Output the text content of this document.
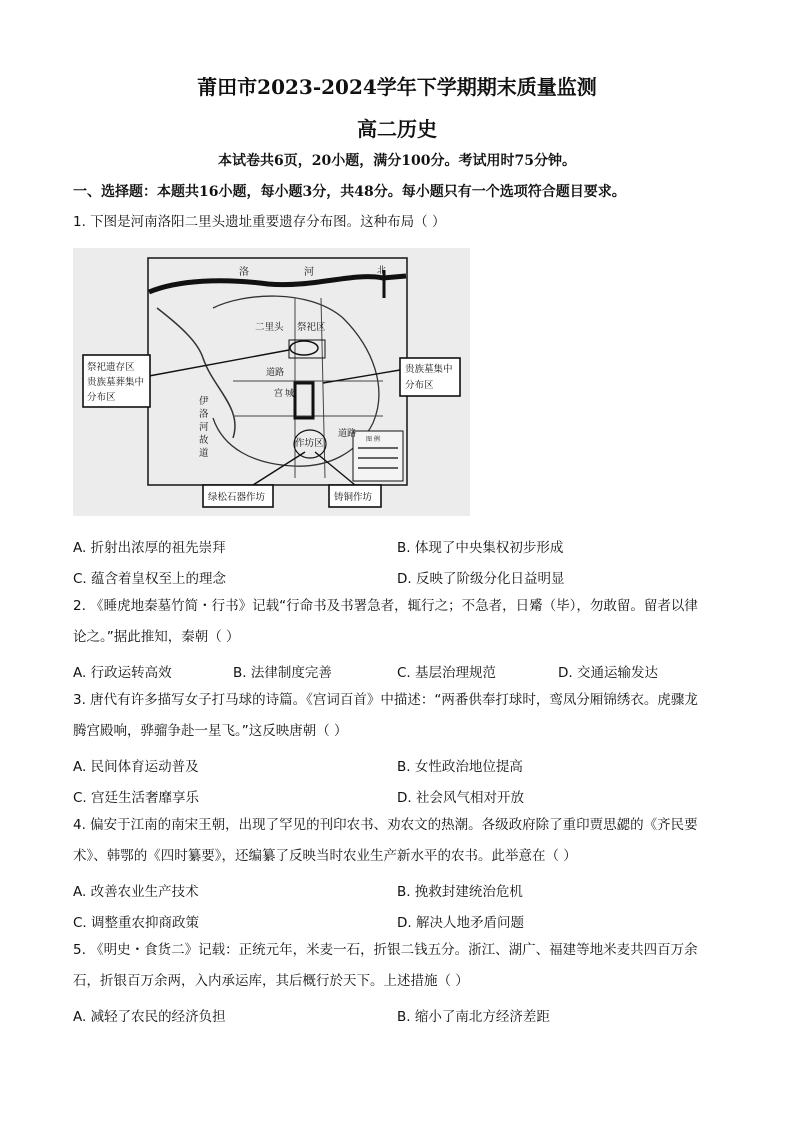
莆田市2023-2024学年下学期期末质量监测
高二历史
本试卷共6页，20小题，满分100分。考试用时75分钟。
一、选择题：本题共16小题，每小题3分，共48分。每小题只有一个选项符合题目要求。
1. 下图是河南洛阳二里头遗址重要遗存分布图。这种布局（ ）
图 例
祭祀遗存区
贵族墓葬集中
分布区
贵族墓集中
分布区
绿松石器作坊	铸铜作坊
洛	河	北
二里头 祭祀区
道路
道路
宫 城
伊
洛
河
故
道
作坊区
A. 折射出浓厚的祖先崇拜	B. 体现了中央集权初步形成
C. 蕴含着皇权至上的理念	D. 反映了阶级分化日益明显
2. 《睡虎地秦墓竹简・行书》记载“行命书及书署急者，辄行之；不急者，日觱（毕），勿敢留。留者以律
论之。”据此推知，秦朝（ ）
A. 行政运转高效	B. 法律制度完善	C. 基层治理规范	D. 交通运输发达
3. 唐代有许多描写女子打马球的诗篇。《宫词百首》中描述：“两番供奉打球时，鸾凤分厢锦绣衣。虎骤龙
腾宫殿响，骅骝争赴一星飞。”这反映唐朝（ ）
A. 民间体育运动普及	B. 女性政治地位提高
C. 宫廷生活奢靡享乐	D. 社会风气相对开放
4. 偏安于江南的南宋王朝，出现了罕见的刊印农书、劝农文的热潮。各级政府除了重印贾思勰的《齐民要
术》、韩鄂的《四时纂要》，还编纂了反映当时农业生产新水平的农书。此举意在（ ）
A. 改善农业生产技术	B. 挽救封建统治危机
C. 调整重农抑商政策	D. 解决人地矛盾问题
5. 《明史・食货二》记载：正统元年，米麦一石，折银二钱五分。浙江、湖广、福建等地米麦共四百万余
石，折银百万余两，入内承运库，其后概行於天下。上述措施（ ）
A. 减轻了农民的经济负担	B. 缩小了南北方经济差距
